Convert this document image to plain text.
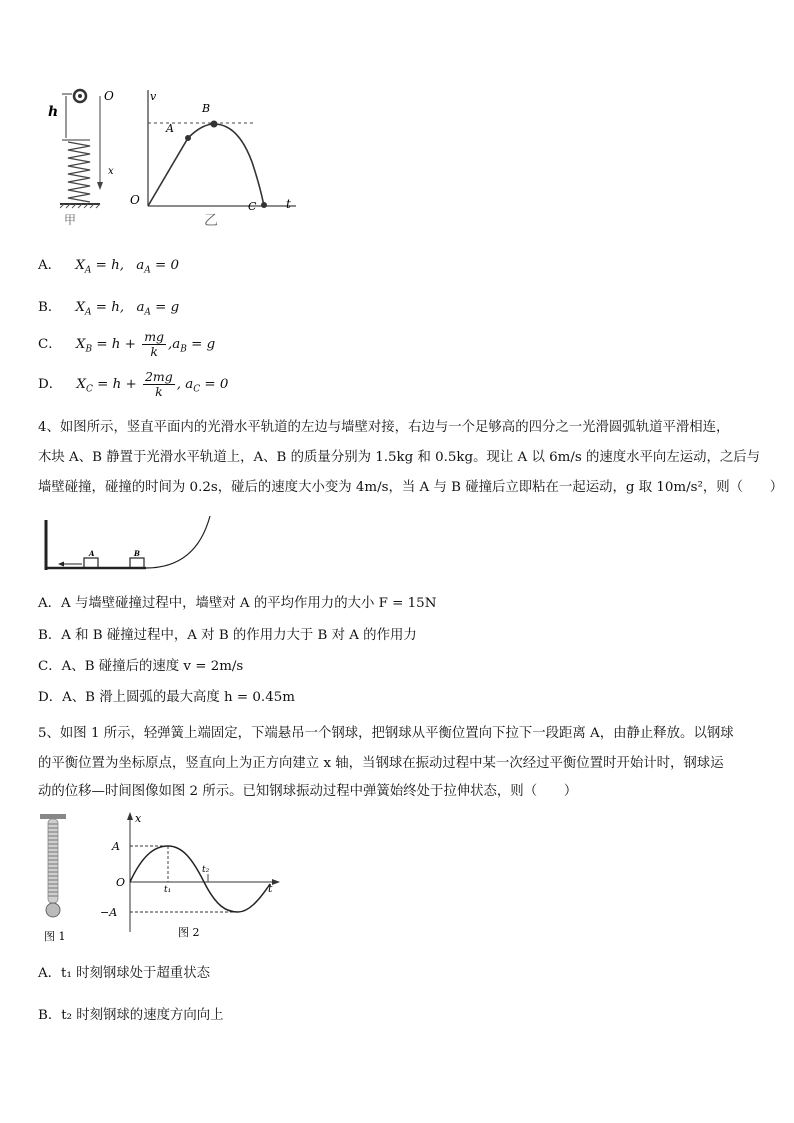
h
O
x
甲
v
O	t
A
B
C
乙
A． $X_A = h$, $a_A = 0$
B． $X_A = h$, $a_A = g$
C． $X_B = h + \frac{mg}{k} ,a_B = g$
D． $X_C = h + \frac{2mg}{k}$ , $a_C = 0$
4、如图所示，竖直平面内的光滑水平轨道的左边与墙壁对接，右边与一个足够高的四分之一光滑圆弧轨道平滑相连，
木块 A、B 静置于光滑水平轨道上，A、B 的质量分别为 1.5kg 和 0.5kg。现让 A 以 6m/s 的速度水平向左运动，之后与
墙壁碰撞，碰撞的时间为 0.2s，碰后的速度大小变为 4m/s，当 A 与 B 碰撞后立即粘在一起运动，g 取 10m/s²，则（　　）
A	B
A．A 与墙壁碰撞过程中，墙壁对 A 的平均作用力的大小 F = 15N
B．A 和 B 碰撞过程中，A 对 B 的作用力大于 B 对 A 的作用力
C．A、B 碰撞后的速度 v = 2m/s
D．A、B 滑上圆弧的最大高度 h = 0.45m
5、如图 1 所示，轻弹簧上端固定，下端悬吊一个钢球，把钢球从平衡位置向下拉下一段距离 A，由静止释放。以钢球
的平衡位置为坐标原点，竖直向上为正方向建立 x 轴，当钢球在振动过程中某一次经过平衡位置时开始计时，钢球运
动的位移—时间图像如图 2 所示。已知钢球振动过程中弹簧始终处于拉伸状态，则（　　）
图 1
x
A
O
−A
t
t₁
t₂
图 2
A．t₁ 时刻钢球处于超重状态
B．t₂ 时刻钢球的速度方向向上
